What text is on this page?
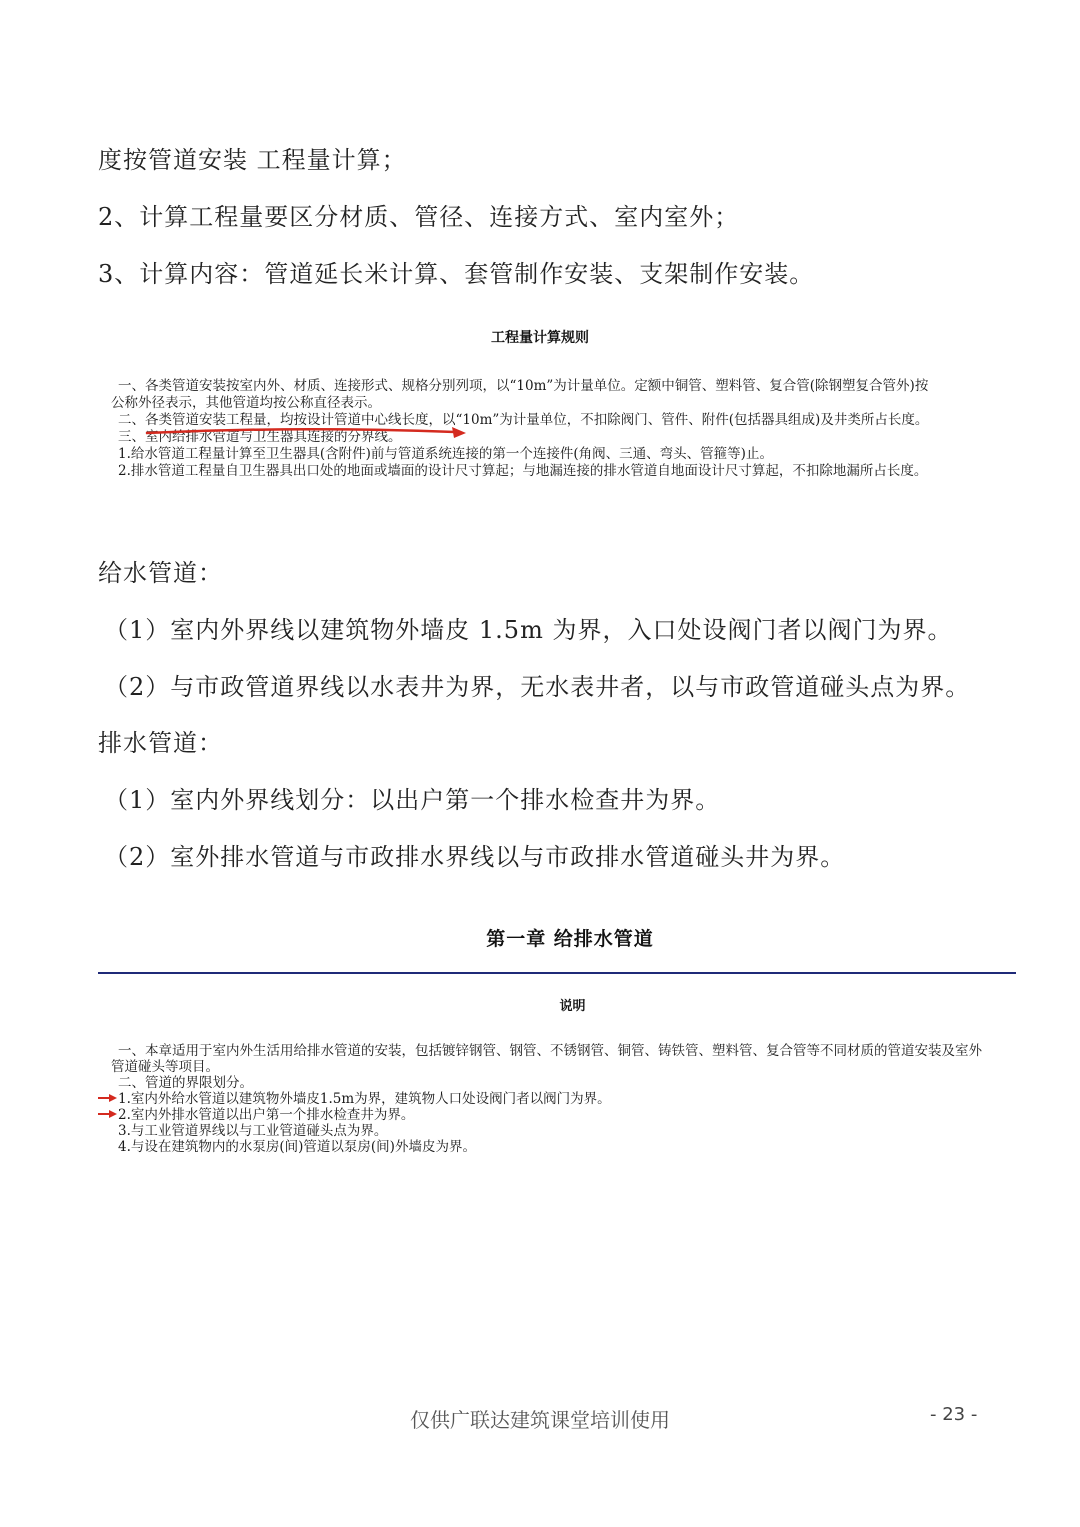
度按管道安装 工程量计算；
2、计算工程量要区分材质、管径、连接方式、室内室外；
3、计算内容：管道延长米计算、套管制作安装、支架制作安装。
工程量计算规则
一、各类管道安装按室内外、材质、连接形式、规格分别列项，以“10m”为计量单位。定额中铜管、塑料管、复合管(除钢塑复合管外)按
公称外径表示，其他管道均按公称直径表示。
二、各类管道安装工程量，均按设计管道中心线长度，以“10m”为计量单位，不扣除阀门、管件、附件(包括器具组成)及井类所占长度。
三、室内给排水管道与卫生器具连接的分界线。
1.给水管道工程量计算至卫生器具(含附件)前与管道系统连接的第一个连接件(角阀、三通、弯头、管箍等)止。
2.排水管道工程量自卫生器具出口处的地面或墙面的设计尺寸算起；与地漏连接的排水管道自地面设计尺寸算起，不扣除地漏所占长度。
给水管道：
（1）室内外界线以建筑物外墙皮 1.5m 为界，入口处设阀门者以阀门为界。
（2）与市政管道界线以水表井为界，无水表井者，以与市政管道碰头点为界。
排水管道：
（1）室内外界线划分：以出户第一个排水检查井为界。
（2）室外排水管道与市政排水界线以与市政排水管道碰头井为界。
第一章 给排水管道
说明
一、本章适用于室内外生活用给排水管道的安装，包括镀锌钢管、钢管、不锈钢管、铜管、铸铁管、塑料管、复合管等不同材质的管道安装及室外
管道碰头等项目。
二、管道的界限划分。
1.室内外给水管道以建筑物外墙皮1.5m为界，建筑物人口处设阀门者以阀门为界。
2.室内外排水管道以出户第一个排水检查井为界。
3.与工业管道界线以与工业管道碰头点为界。
4.与设在建筑物内的水泵房(间)管道以泵房(间)外墙皮为界。
仅供广联达建筑课堂培训使用	- 23 -
